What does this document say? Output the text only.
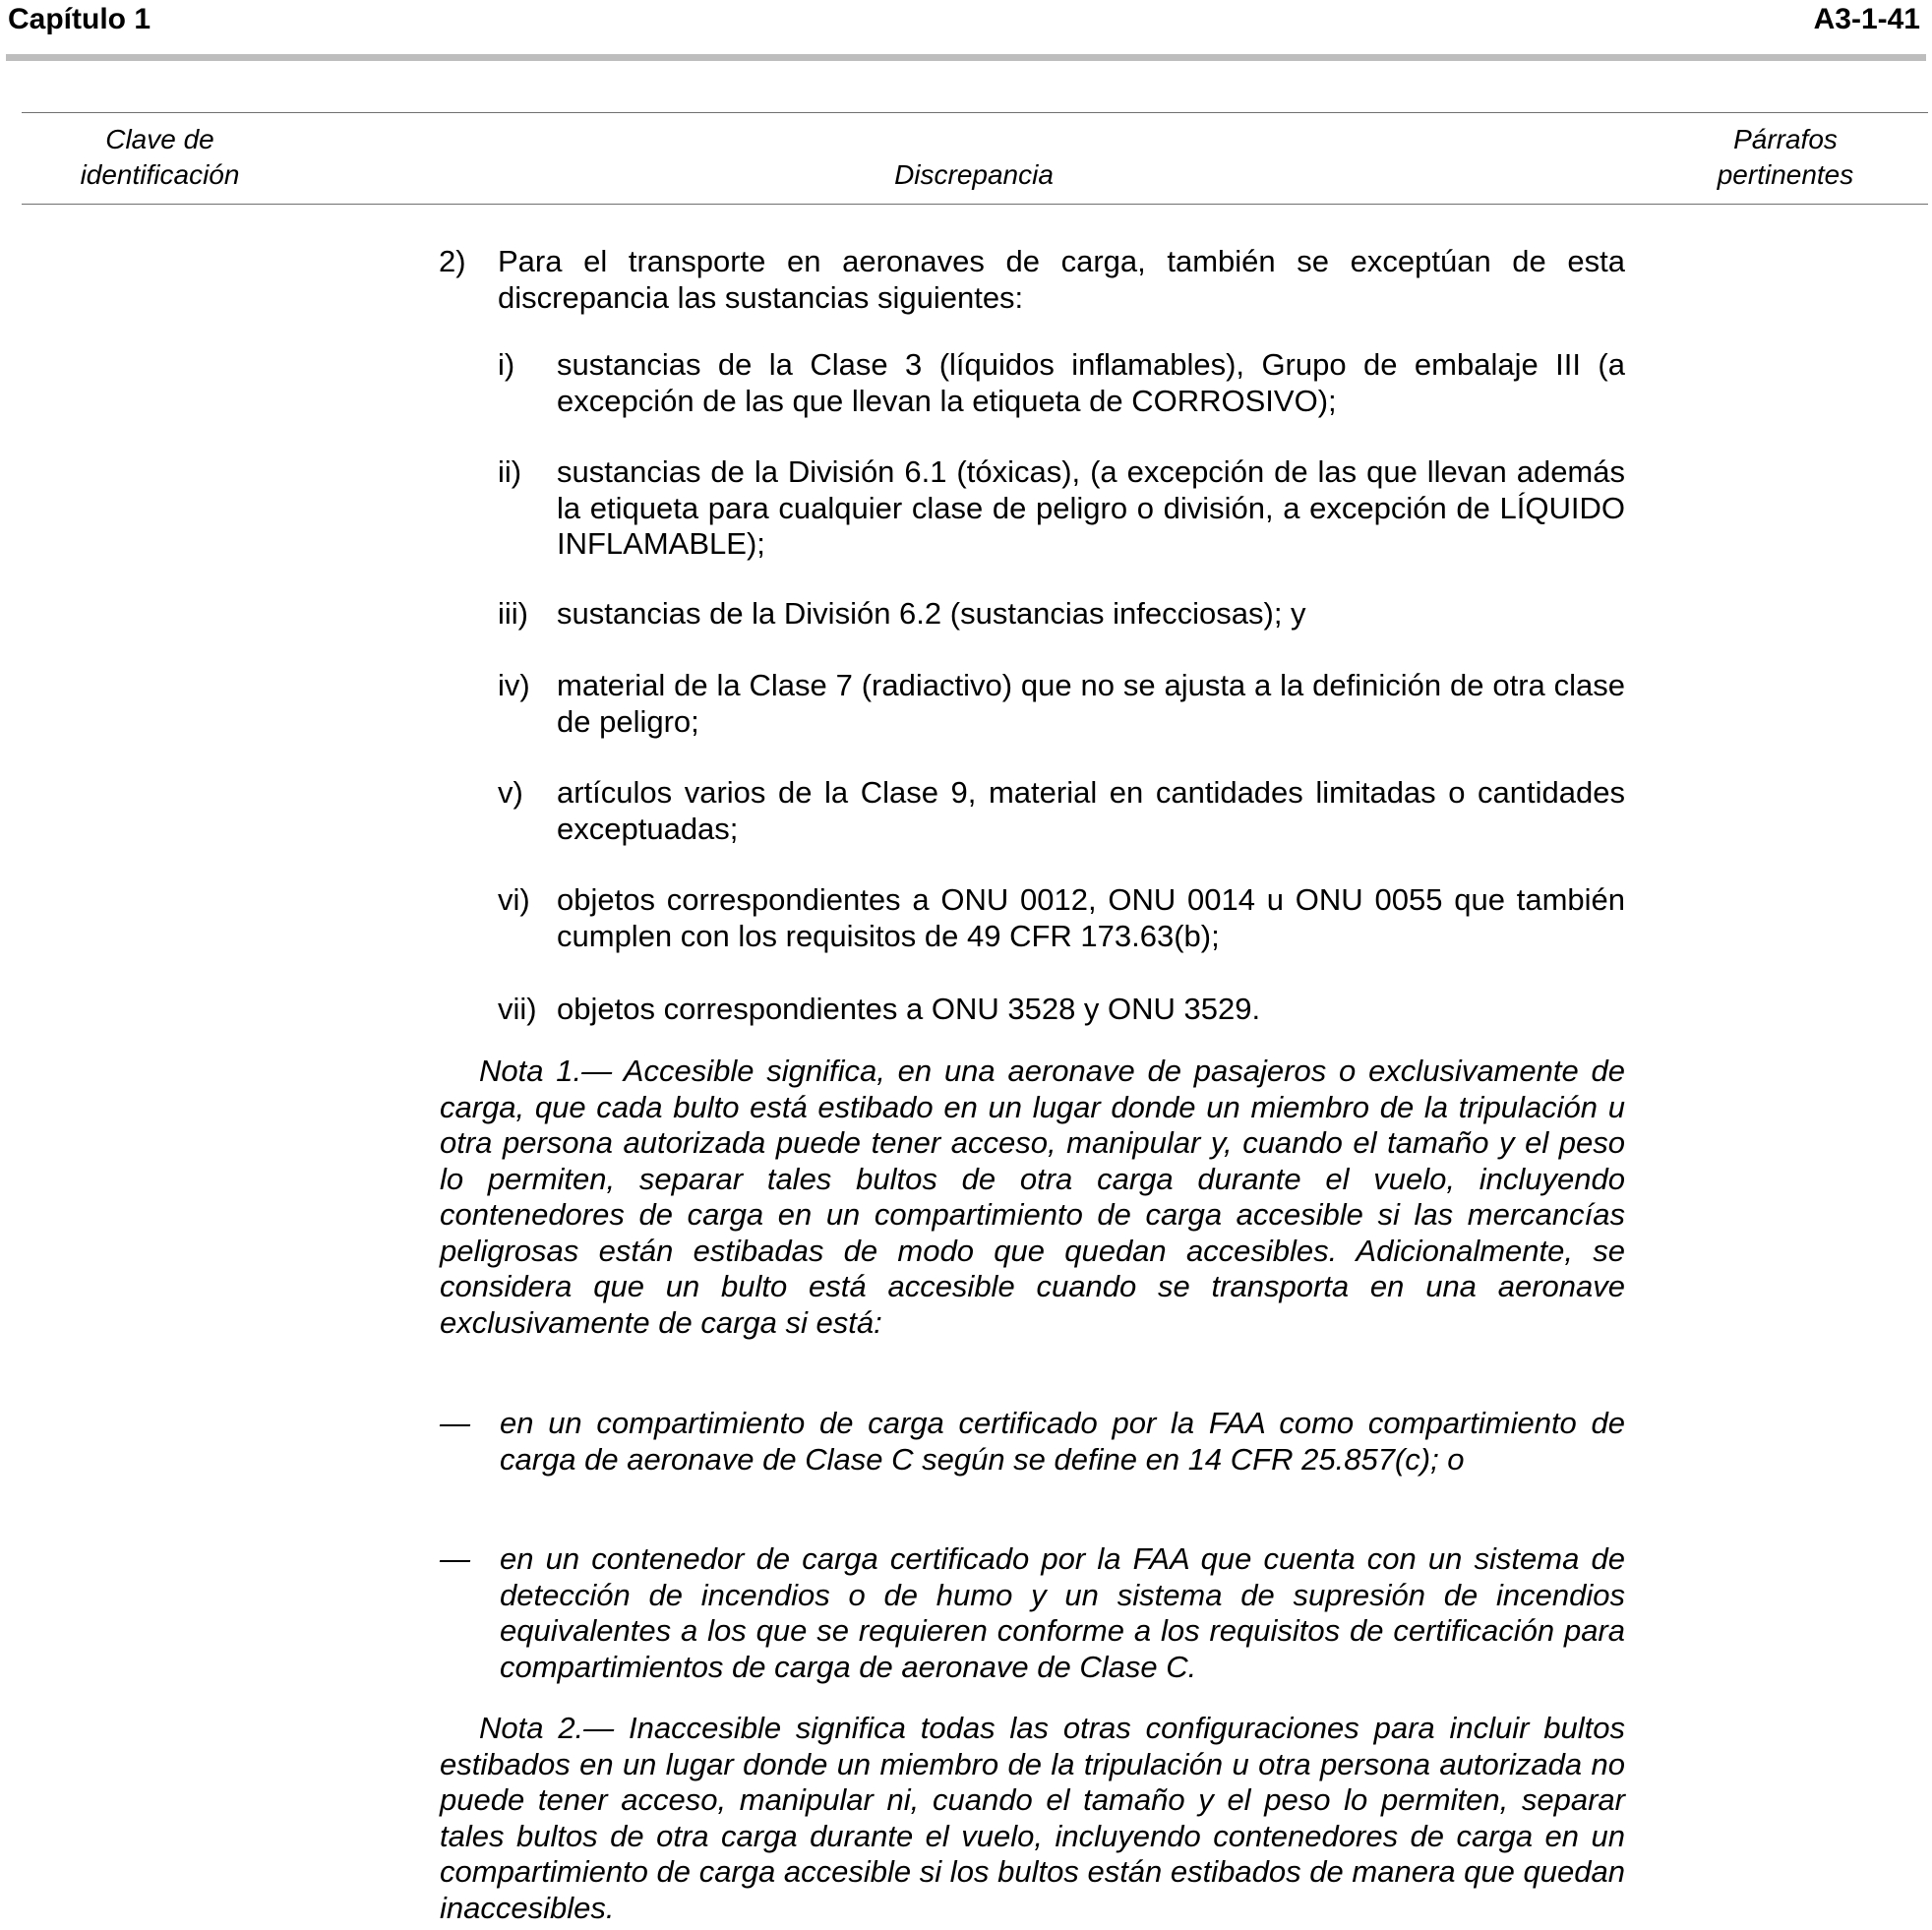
Capítulo 1	A3-1-41
Clave de
identificación	Discrepancia
Párrafos
pertinentes
2) Para el transporte en aeronaves de carga, también se exceptúan de esta discrepancia las sustancias siguientes:
i) sustancias de la Clase 3 (líquidos inflamables), Grupo de embalaje III (a excepción de las que llevan la etiqueta de CORROSIVO);
ii) sustancias de la División 6.1 (tóxicas), (a excepción de las que llevan además la etiqueta para cualquier clase de peligro o división, a excepción de LÍQUIDO INFLAMABLE);
iii) sustancias de la División 6.2 (sustancias infecciosas); y
iv) material de la Clase 7 (radiactivo) que no se ajusta a la definición de otra clase de peligro;
v) artículos varios de la Clase 9, material en cantidades limitadas o cantidades exceptuadas;
vi) objetos correspondientes a ONU 0012, ONU 0014 u ONU 0055 que también cumplen con los requisitos de 49 CFR 173.63(b);
vii) objetos correspondientes a ONU 3528 y ONU 3529.

Nota 1.— Accesible significa, en una aeronave de pasajeros o exclusivamente de carga, que cada bulto está estibado en un lugar donde un miembro de la tripulación u otra persona autorizada puede tener acceso, manipular y, cuando el tamaño y el peso lo permiten, separar tales bultos de otra carga durante el vuelo, incluyendo contenedores de carga en un compartimiento de carga accesible si las mercancías peligrosas están estibadas de modo que quedan accesibles. Adicionalmente, se considera que un bulto está accesible cuando se transporta en una aeronave exclusivamente de carga si está:

— en un compartimiento de carga certificado por la FAA como compartimiento de carga de aeronave de Clase C según se define en 14 CFR 25.857(c); o
— en un contenedor de carga certificado por la FAA que cuenta con un sistema de detección de incendios o de humo y un sistema de supresión de incendios equivalentes a los que se requieren conforme a los requisitos de certificación para compartimientos de carga de aeronave de Clase C.

Nota 2.— Inaccesible significa todas las otras configuraciones para incluir bultos estibados en un lugar donde un miembro de la tripulación u otra persona autorizada no puede tener acceso, manipular ni, cuando el tamaño y el peso lo permiten, separar tales bultos de otra carga durante el vuelo, incluyendo contenedores de carga en un compartimiento de carga accesible si los bultos están estibados de manera que quedan inaccesibles.
